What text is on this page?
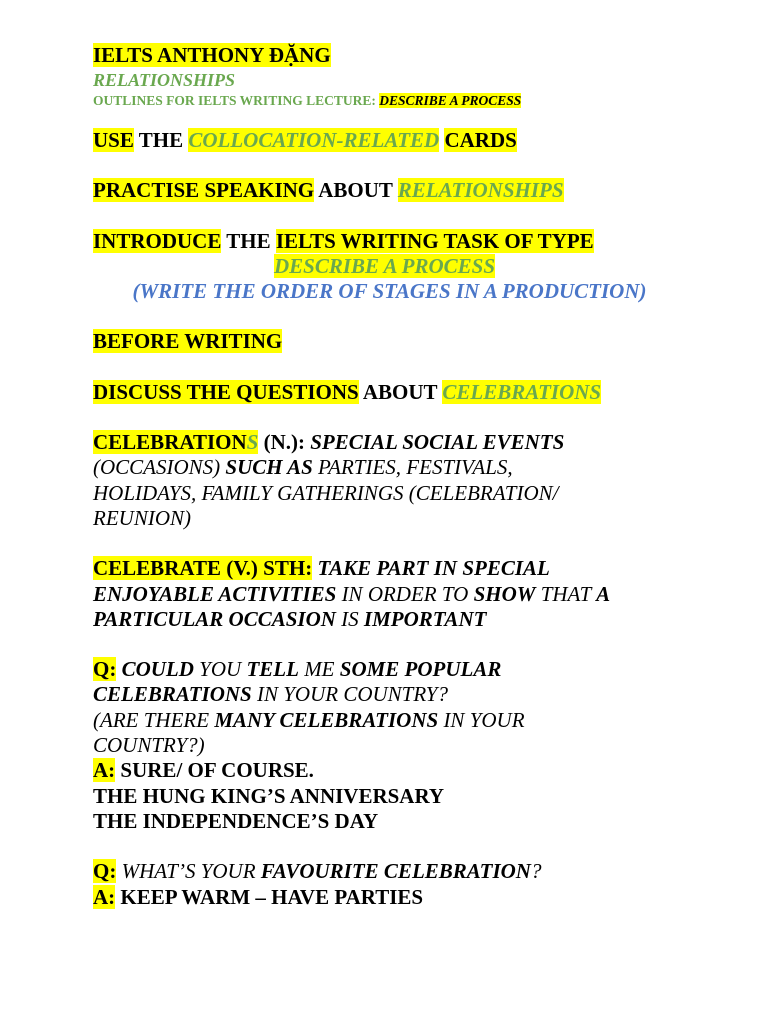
IELTS ANTHONY ĐẶNG
RELATIONSHIPS
OUTLINES FOR IELTS WRITING LECTURE: DESCRIBE A PROCESS
USE THE COLLOCATION-RELATED CARDS
PRACTISE SPEAKING ABOUT RELATIONSHIPS
INTRODUCE THE IELTS WRITING TASK OF TYPE
DESCRIBE A PROCESS
(WRITE THE ORDER OF STAGES IN A PRODUCTION)
BEFORE WRITING
DISCUSS THE QUESTIONS ABOUT CELEBRATIONS
CELEBRATIONS (N.): SPECIAL SOCIAL EVENTS
(OCCASIONS) SUCH AS PARTIES, FESTIVALS,
HOLIDAYS, FAMILY GATHERINGS (CELEBRATION/
REUNION)
CELEBRATE (V.) STH: TAKE PART IN SPECIAL
ENJOYABLE ACTIVITIES IN ORDER TO SHOW THAT A
PARTICULAR OCCASION IS IMPORTANT
Q: COULD YOU TELL ME SOME POPULAR
CELEBRATIONS IN YOUR COUNTRY?
(ARE THERE MANY CELEBRATIONS IN YOUR
COUNTRY?)
A: SURE/ OF COURSE.
THE HUNG KING’S ANNIVERSARY
THE INDEPENDENCE’S DAY
Q: WHAT’S YOUR FAVOURITE CELEBRATION?
A: KEEP WARM – HAVE PARTIES
